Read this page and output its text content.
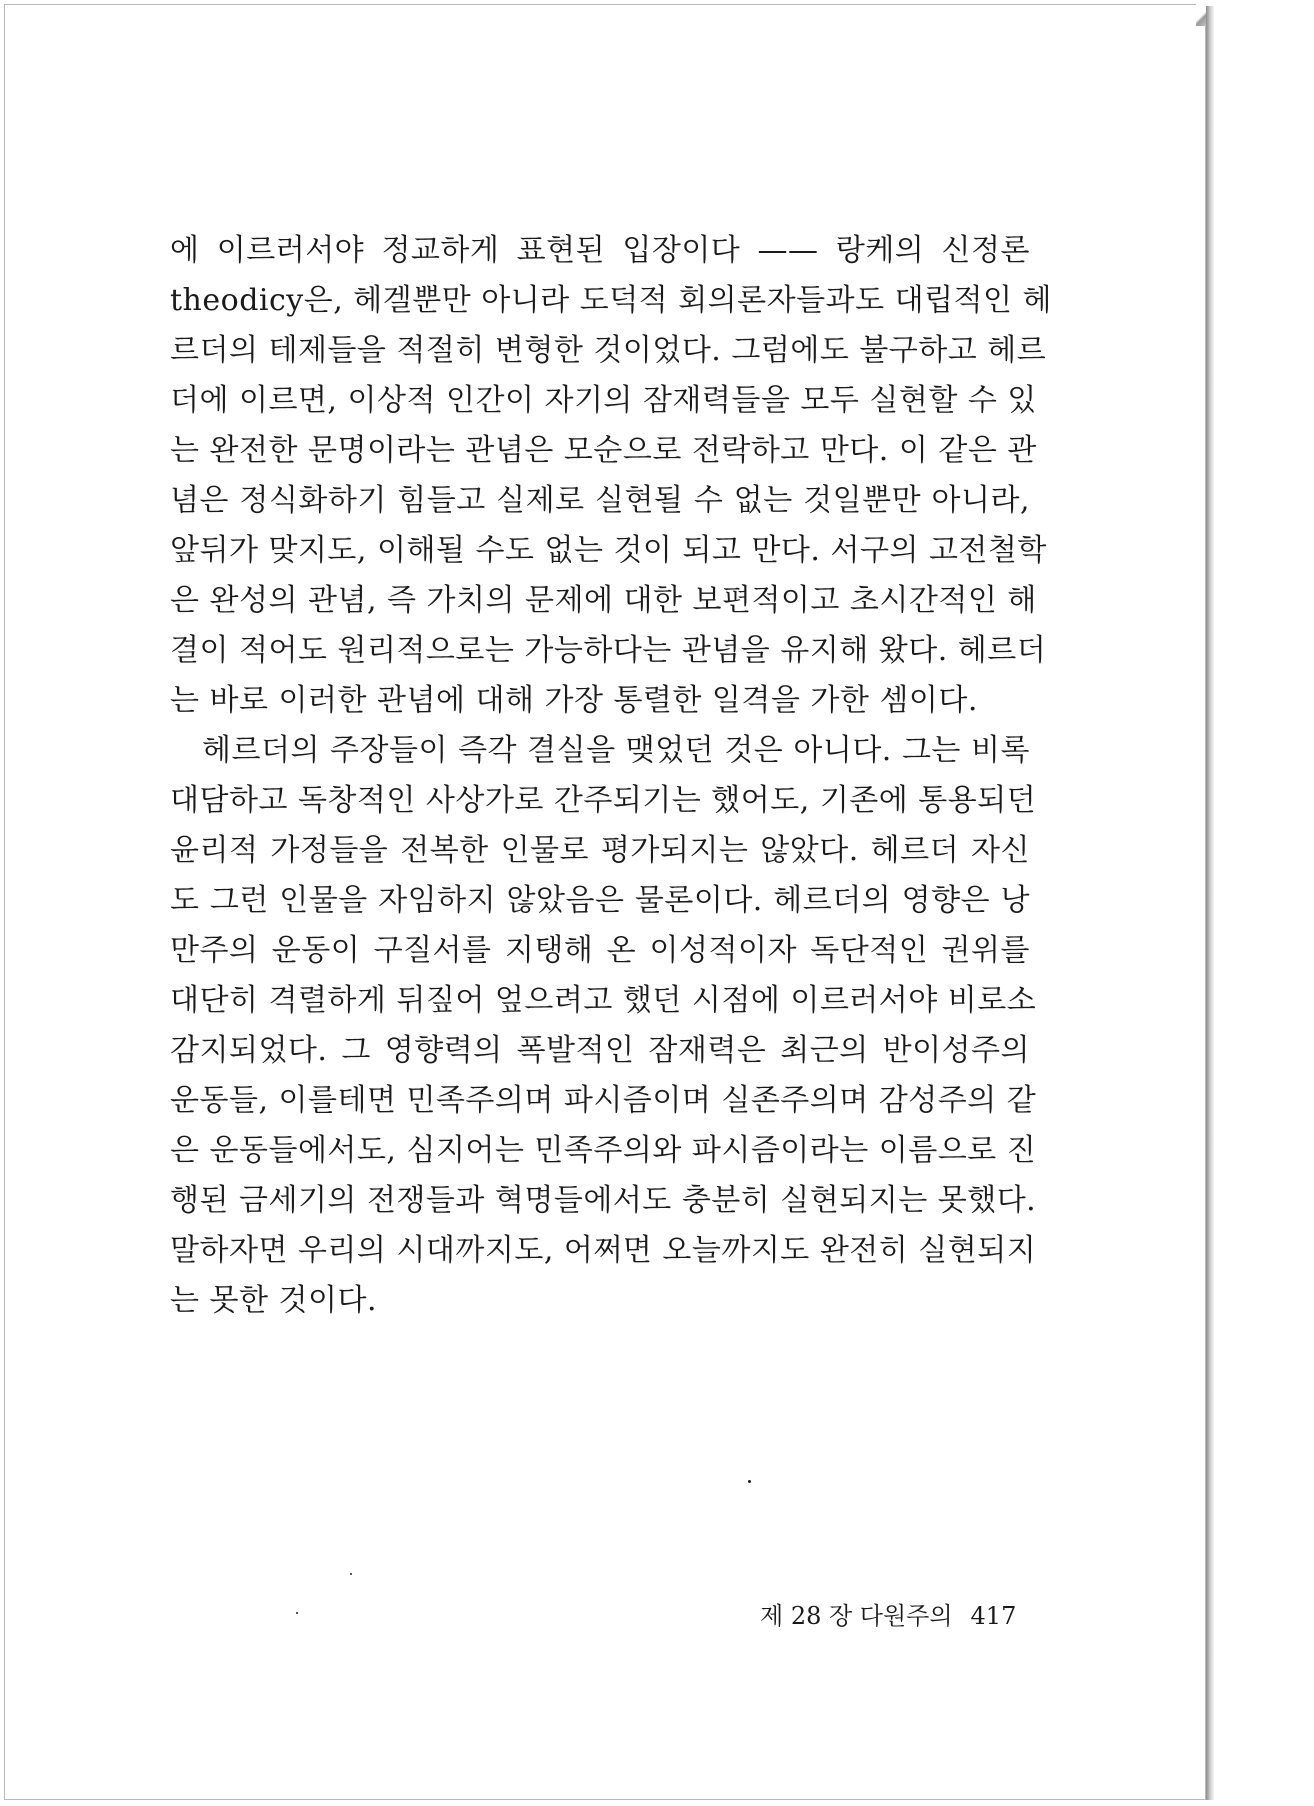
에 이르러서야 정교하게 표현된 입장이다 —— 랑케의 신정론
theodicy은, 헤겔뿐만 아니라 도덕적 회의론자들과도 대립적인 헤
르더의 테제들을 적절히 변형한 것이었다. 그럼에도 불구하고 헤르
더에 이르면, 이상적 인간이 자기의 잠재력들을 모두 실현할 수 있
는 완전한 문명이라는 관념은 모순으로 전락하고 만다. 이 같은 관
념은 정식화하기 힘들고 실제로 실현될 수 없는 것일뿐만 아니라,
앞뒤가 맞지도, 이해될 수도 없는 것이 되고 만다. 서구의 고전철학
은 완성의 관념, 즉 가치의 문제에 대한 보편적이고 초시간적인 해
결이 적어도 원리적으로는 가능하다는 관념을 유지해 왔다. 헤르더
는 바로 이러한 관념에 대해 가장 통렬한 일격을 가한 셈이다.
헤르더의 주장들이 즉각 결실을 맺었던 것은 아니다. 그는 비록
대담하고 독창적인 사상가로 간주되기는 했어도, 기존에 통용되던
윤리적 가정들을 전복한 인물로 평가되지는 않았다. 헤르더 자신
도 그런 인물을 자임하지 않았음은 물론이다. 헤르더의 영향은 낭
만주의 운동이 구질서를 지탱해 온 이성적이자 독단적인 권위를
대단히 격렬하게 뒤짚어 엎으려고 했던 시점에 이르러서야 비로소
감지되었다. 그 영향력의 폭발적인 잠재력은 최근의 반이성주의
운동들, 이를테면 민족주의며 파시즘이며 실존주의며 감성주의 같
은 운동들에서도, 심지어는 민족주의와 파시즘이라는 이름으로 진
행된 금세기의 전쟁들과 혁명들에서도 충분히 실현되지는 못했다.
말하자면 우리의 시대까지도, 어쩌면 오늘까지도 완전히 실현되지
는 못한 것이다.
제 28 장 다원주의 417
